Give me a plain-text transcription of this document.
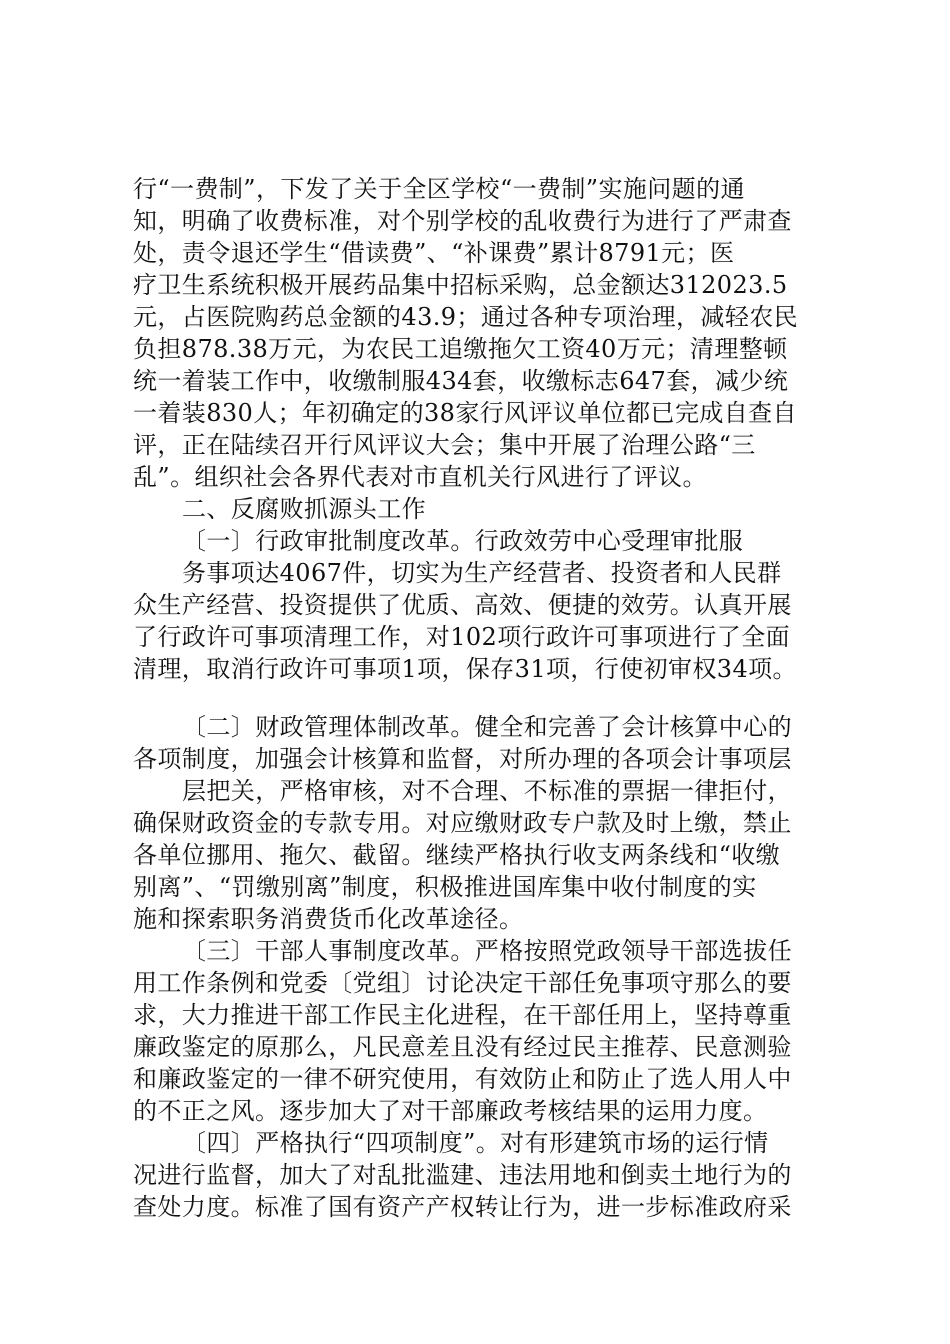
行“一费制”，下发了关于全区学校“一费制”实施问题的通
知，明确了收费标准，对个别学校的乱收费行为进行了严肃查
处，责令退还学生“借读费”、“补课费”累计8791元；医
疗卫生系统积极开展药品集中招标采购，总金额达312023.5
元，占医院购药总金额的43.9；通过各种专项治理，减轻农民
负担878.38万元，为农民工追缴拖欠工资40万元；清理整顿
统一着装工作中，收缴制服434套，收缴标志647套，减少统
一着装830人；年初确定的38家行风评议单位都已完成自查自
评，正在陆续召开行风评议大会；集中开展了治理公路“三
乱”。组织社会各界代表对市直机关行风进行了评议。
二、反腐败抓源头工作
〔一〕行政审批制度改革。行政效劳中心受理审批服
务事项达4067件，切实为生产经营者、投资者和人民群
众生产经营、投资提供了优质、高效、便捷的效劳。认真开展
了行政许可事项清理工作，对102项行政许可事项进行了全面
清理，取消行政许可事项1项，保存31项，行使初审权34项。
〔二〕财政管理体制改革。健全和完善了会计核算中心的
各项制度，加强会计核算和监督，对所办理的各项会计事项层
层把关，严格审核，对不合理、不标准的票据一律拒付，
确保财政资金的专款专用。对应缴财政专户款及时上缴，禁止
各单位挪用、拖欠、截留。继续严格执行收支两条线和“收缴
别离”、“罚缴别离”制度，积极推进国库集中收付制度的实
施和探索职务消费货币化改革途径。
〔三〕干部人事制度改革。严格按照党政领导干部选拔任
用工作条例和党委〔党组〕讨论决定干部任免事项守那么的要
求，大力推进干部工作民主化进程，在干部任用上，坚持尊重
廉政鉴定的原那么，凡民意差且没有经过民主推荐、民意测验
和廉政鉴定的一律不研究使用，有效防止和防止了选人用人中
的不正之风。逐步加大了对干部廉政考核结果的运用力度。
〔四〕严格执行“四项制度”。对有形建筑市场的运行情
况进行监督，加大了对乱批滥建、违法用地和倒卖土地行为的
查处力度。标准了国有资产产权转让行为，进一步标准政府采
